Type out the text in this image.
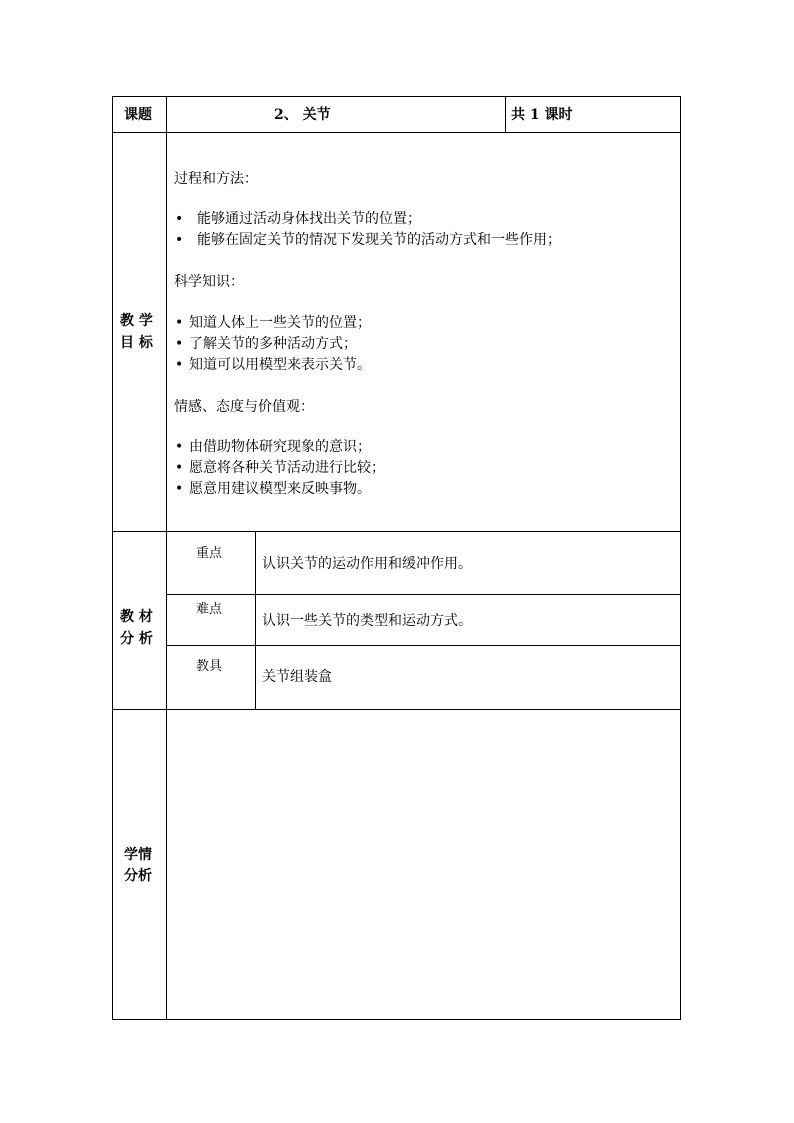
课题	2、 关节	共 1 课时
教 学
目 标
过程和方法：
• 能够通过活动身体找出关节的位置；
• 能够在固定关节的情况下发现关节的活动方式和一些作用；
科学知识：
• 知道人体上一些关节的位置；
• 了解关节的多种活动方式；
• 知道可以用模型来表示关节。
情感、态度与价值观：
• 由借助物体研究现象的意识；
• 愿意将各种关节活动进行比较；
• 愿意用建议模型来反映事物。
教 材
分 析
重点
认识关节的运动作用和缓冲作用。
难点
认识一些关节的类型和运动方式。
教具
关节组装盒
学情
分析
